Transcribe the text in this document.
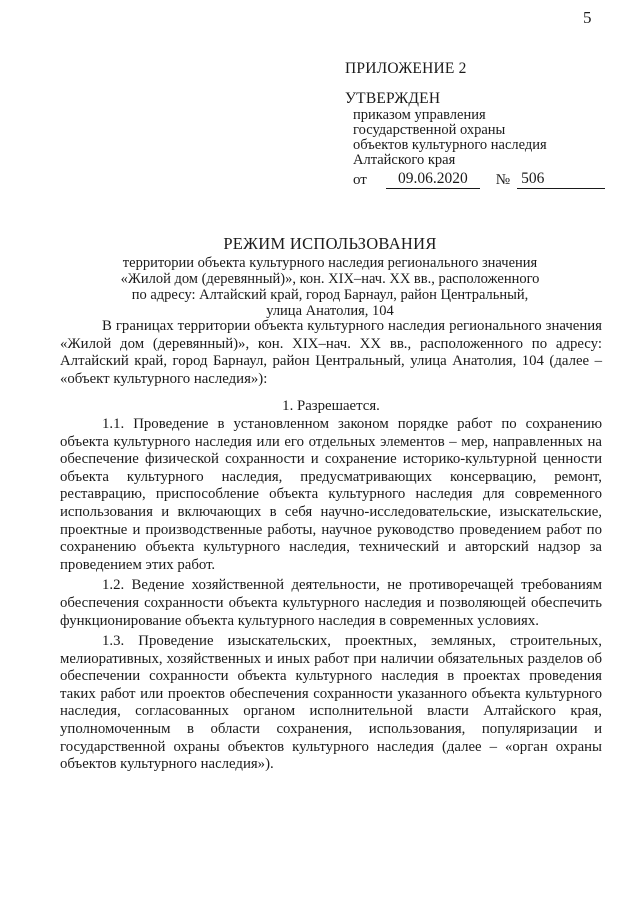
5
ПРИЛОЖЕНИЕ 2
УТВЕРЖДЕН
приказом управления
государственной охраны
объектов культурного наследия
Алтайского края
от	09.06.2020	№ 506
РЕЖИМ ИСПОЛЬЗОВАНИЯ
территории объекта культурного наследия регионального значения
«Жилой дом (деревянный)», кон. XIX–нач. XX вв., расположенного
по адресу: Алтайский край, город Барнаул, район Центральный,
улица Анатолия, 104

В границах территории объекта культурного наследия регионального значения «Жилой дом (деревянный)», кон. XIX–нач. XX вв., расположенного по адресу: Алтайский край, город Барнаул, район Центральный, улица Анатолия, 104 (далее – «объект культурного наследия»):

1. Разрешается.

1.1. Проведение в установленном законом порядке работ по сохранению объекта культурного наследия или его отдельных элементов – мер, направленных на обеспечение физической сохранности и сохранение историко-культурной ценности объекта культурного наследия, предусматривающих консервацию, ремонт, реставрацию, приспособление объекта культурного наследия для современного использования и включающих в себя научно-исследовательские, изыскательские, проектные и производственные работы, научное руководство проведением работ по сохранению объекта культурного наследия, технический и авторский надзор за проведением этих работ.

1.2. Ведение хозяйственной деятельности, не противоречащей требованиям обеспечения сохранности объекта культурного наследия и позволяющей обеспечить функционирование объекта культурного наследия в современных условиях.

1.3. Проведение изыскательских, проектных, земляных, строительных, мелиоративных, хозяйственных и иных работ при наличии обязательных разделов об обеспечении сохранности объекта культурного наследия в проектах проведения таких работ или проектов обеспечения сохранности указанного объекта культурного наследия, согласованных органом исполнительной власти Алтайского края, уполномоченным в области сохранения, использования, популяризации и государственной охраны объектов культурного наследия (далее – «орган охраны объектов культурного наследия»).
